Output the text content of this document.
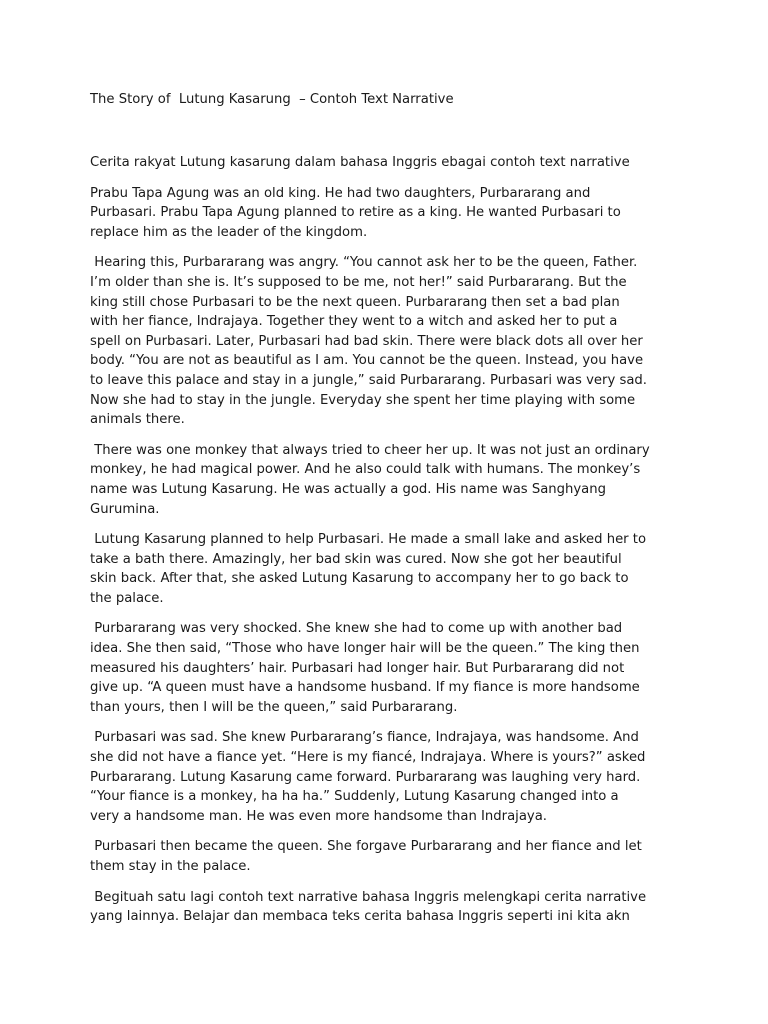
The Story of  Lutung Kasarung  – Contoh Text Narrative

Cerita rakyat Lutung kasarung dalam bahasa Inggris ebagai contoh text narrative

Prabu Tapa Agung was an old king. He had two daughters, Purbararang and
Purbasari. Prabu Tapa Agung planned to retire as a king. He wanted Purbasari to
replace him as the leader of the kingdom.
Hearing this, Purbararang was angry. “You cannot ask her to be the queen, Father.
I’m older than she is. It’s supposed to be me, not her!” said Purbararang. But the
king still chose Purbasari to be the next queen. Purbararang then set a bad plan
with her fiance, Indrajaya. Together they went to a witch and asked her to put a
spell on Purbasari. Later, Purbasari had bad skin. There were black dots all over her
body. “You are not as beautiful as I am. You cannot be the queen. Instead, you have
to leave this palace and stay in a jungle,” said Purbararang. Purbasari was very sad.
Now she had to stay in the jungle. Everyday she spent her time playing with some
animals there.
There was one monkey that always tried to cheer her up. It was not just an ordinary
monkey, he had magical power. And he also could talk with humans. The monkey’s
name was Lutung Kasarung. He was actually a god. His name was Sanghyang
Gurumina.
Lutung Kasarung planned to help Purbasari. He made a small lake and asked her to
take a bath there. Amazingly, her bad skin was cured. Now she got her beautiful
skin back. After that, she asked Lutung Kasarung to accompany her to go back to
the palace.
Purbararang was very shocked. She knew she had to come up with another bad
idea. She then said, “Those who have longer hair will be the queen.” The king then
measured his daughters’ hair. Purbasari had longer hair. But Purbararang did not
give up. “A queen must have a handsome husband. If my fiance is more handsome
than yours, then I will be the queen,” said Purbararang.
Purbasari was sad. She knew Purbararang’s fiance, Indrajaya, was handsome. And
she did not have a fiance yet. “Here is my fiancé, Indrajaya. Where is yours?” asked
Purbararang. Lutung Kasarung came forward. Purbararang was laughing very hard.
“Your fiance is a monkey, ha ha ha.” Suddenly, Lutung Kasarung changed into a
very a handsome man. He was even more handsome than Indrajaya.
Purbasari then became the queen. She forgave Purbararang and her fiance and let
them stay in the palace.
Begituah satu lagi contoh text narrative bahasa Inggris melengkapi cerita narrative
yang lainnya. Belajar dan membaca teks cerita bahasa Inggris seperti ini kita akn
